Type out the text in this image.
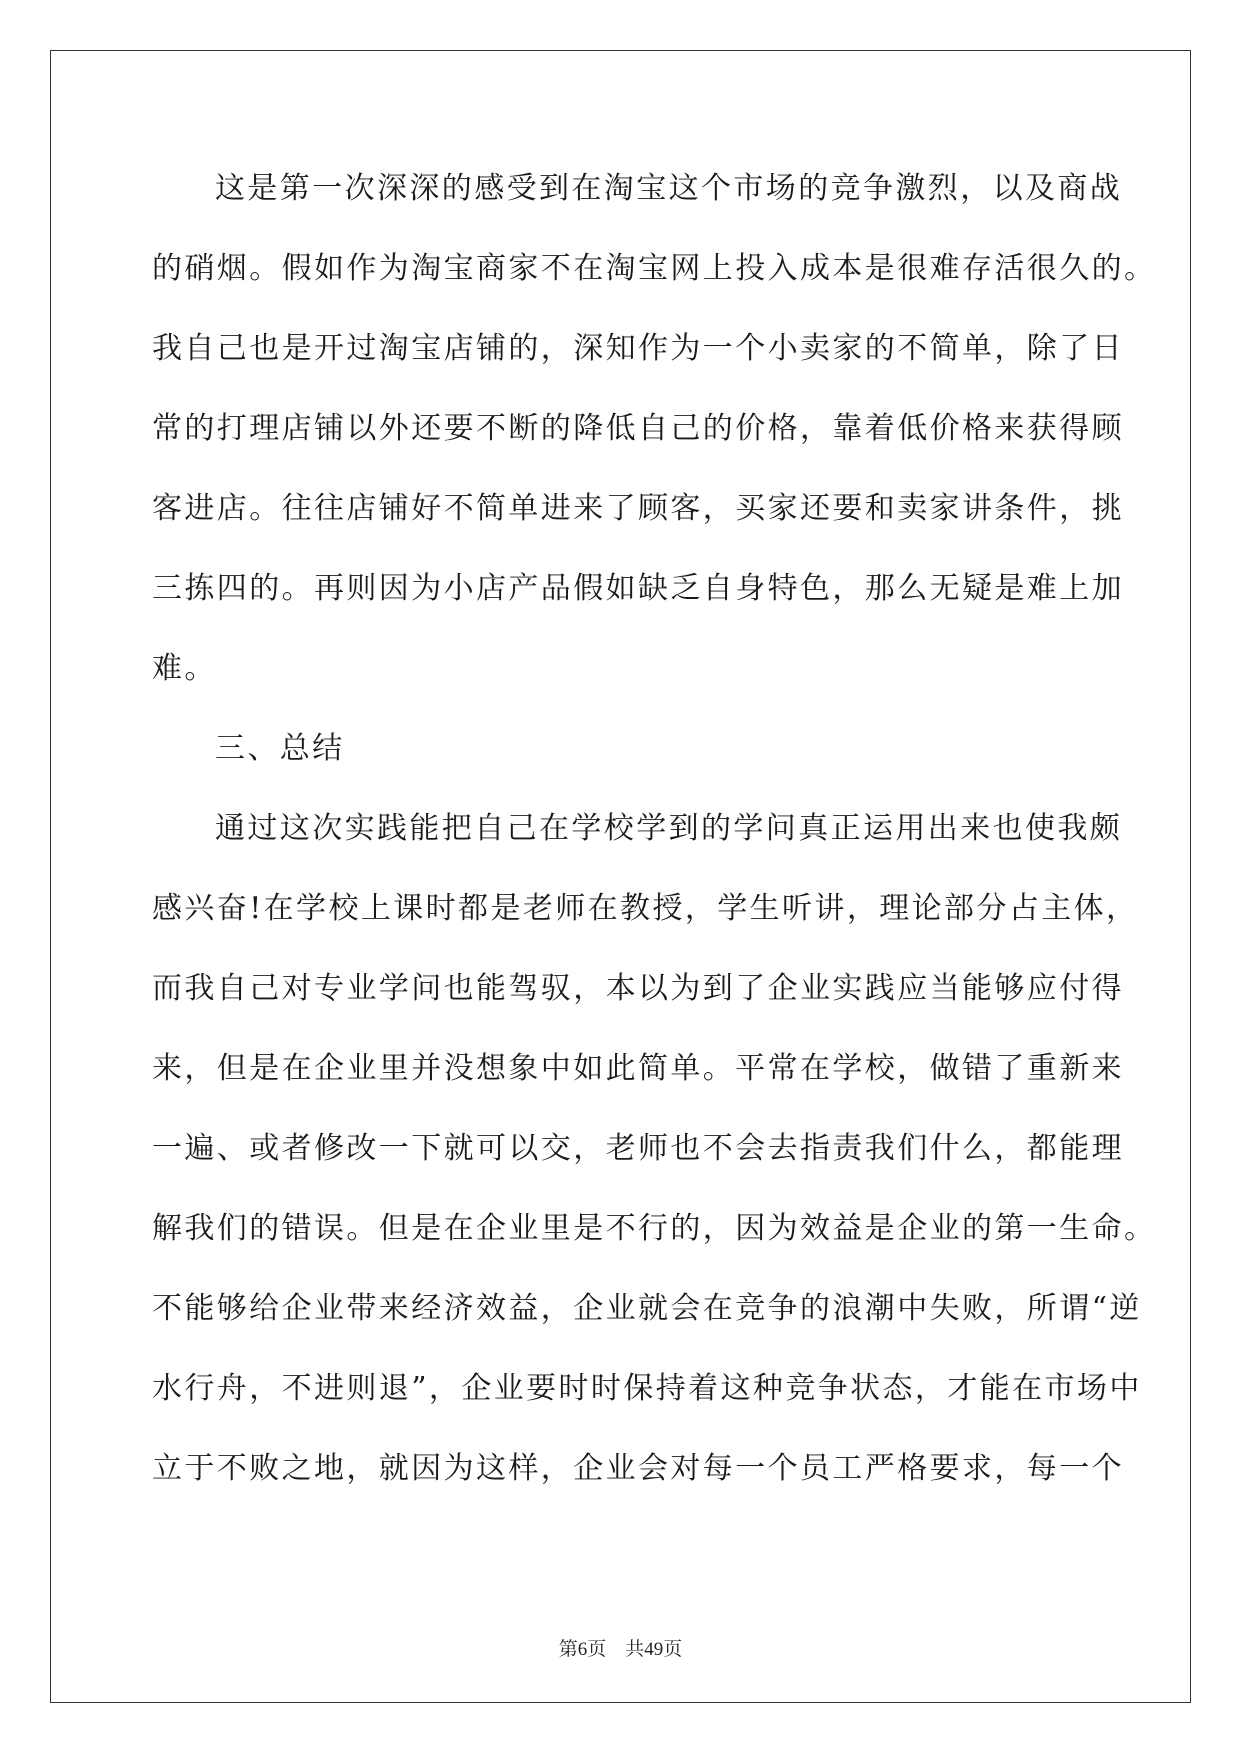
这是第一次深深的感受到在淘宝这个市场的竞争激烈，以及商战
的硝烟。假如作为淘宝商家不在淘宝网上投入成本是很难存活很久的。
我自己也是开过淘宝店铺的，深知作为一个小卖家的不简单，除了日
常的打理店铺以外还要不断的降低自己的价格，靠着低价格来获得顾
客进店。往往店铺好不简单进来了顾客，买家还要和卖家讲条件，挑
三拣四的。再则因为小店产品假如缺乏自身特色，那么无疑是难上加
难。
三、总结
通过这次实践能把自己在学校学到的学问真正运用出来也使我颇
感兴奋!在学校上课时都是老师在教授，学生听讲，理论部分占主体，
而我自己对专业学问也能驾驭，本以为到了企业实践应当能够应付得
来，但是在企业里并没想象中如此简单。平常在学校，做错了重新来
一遍、或者修改一下就可以交，老师也不会去指责我们什么，都能理
解我们的错误。但是在企业里是不行的，因为效益是企业的第一生命。
不能够给企业带来经济效益，企业就会在竞争的浪潮中失败，所谓“逆
水行舟，不进则退”，企业要时时保持着这种竞争状态，才能在市场中
立于不败之地，就因为这样，企业会对每一个员工严格要求，每一个
第6页 共49页
